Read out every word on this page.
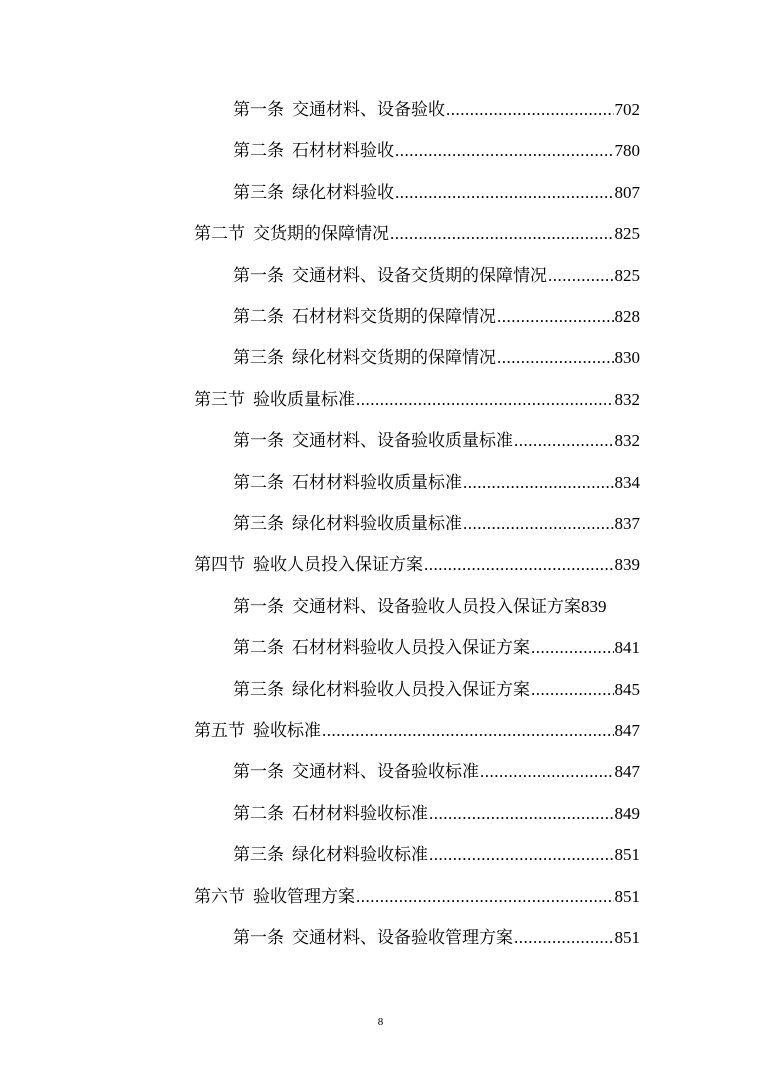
第一条 交通材料、设备验收 .....	702
第二条 石材材料验收 .....	780
第三条 绿化材料验收 .....	807
第二节 交货期的保障情况 .....	825
第一条 交通材料、设备交货期的保障情况 .....	825
第二条 石材材料交货期的保障情况 .....	828
第三条 绿化材料交货期的保障情况 .....	830
第三节 验收质量标准 .....	832
第一条 交通材料、设备验收质量标准 .....	832
第二条 石材材料验收质量标准 .....	834
第三条 绿化材料验收质量标准 .....	837
第四节 验收人员投入保证方案 .....	839
第一条 交通材料、设备验收人员投入保证方案 839
第二条 石材材料验收人员投入保证方案 .....	841
第三条 绿化材料验收人员投入保证方案 .....	845
第五节 验收标准 .....	847
第一条 交通材料、设备验收标准 .....	847
第二条 石材材料验收标准 .....	849
第三条 绿化材料验收标准 .....	851
第六节 验收管理方案 .....	851
第一条 交通材料、设备验收管理方案 .....	851
8
